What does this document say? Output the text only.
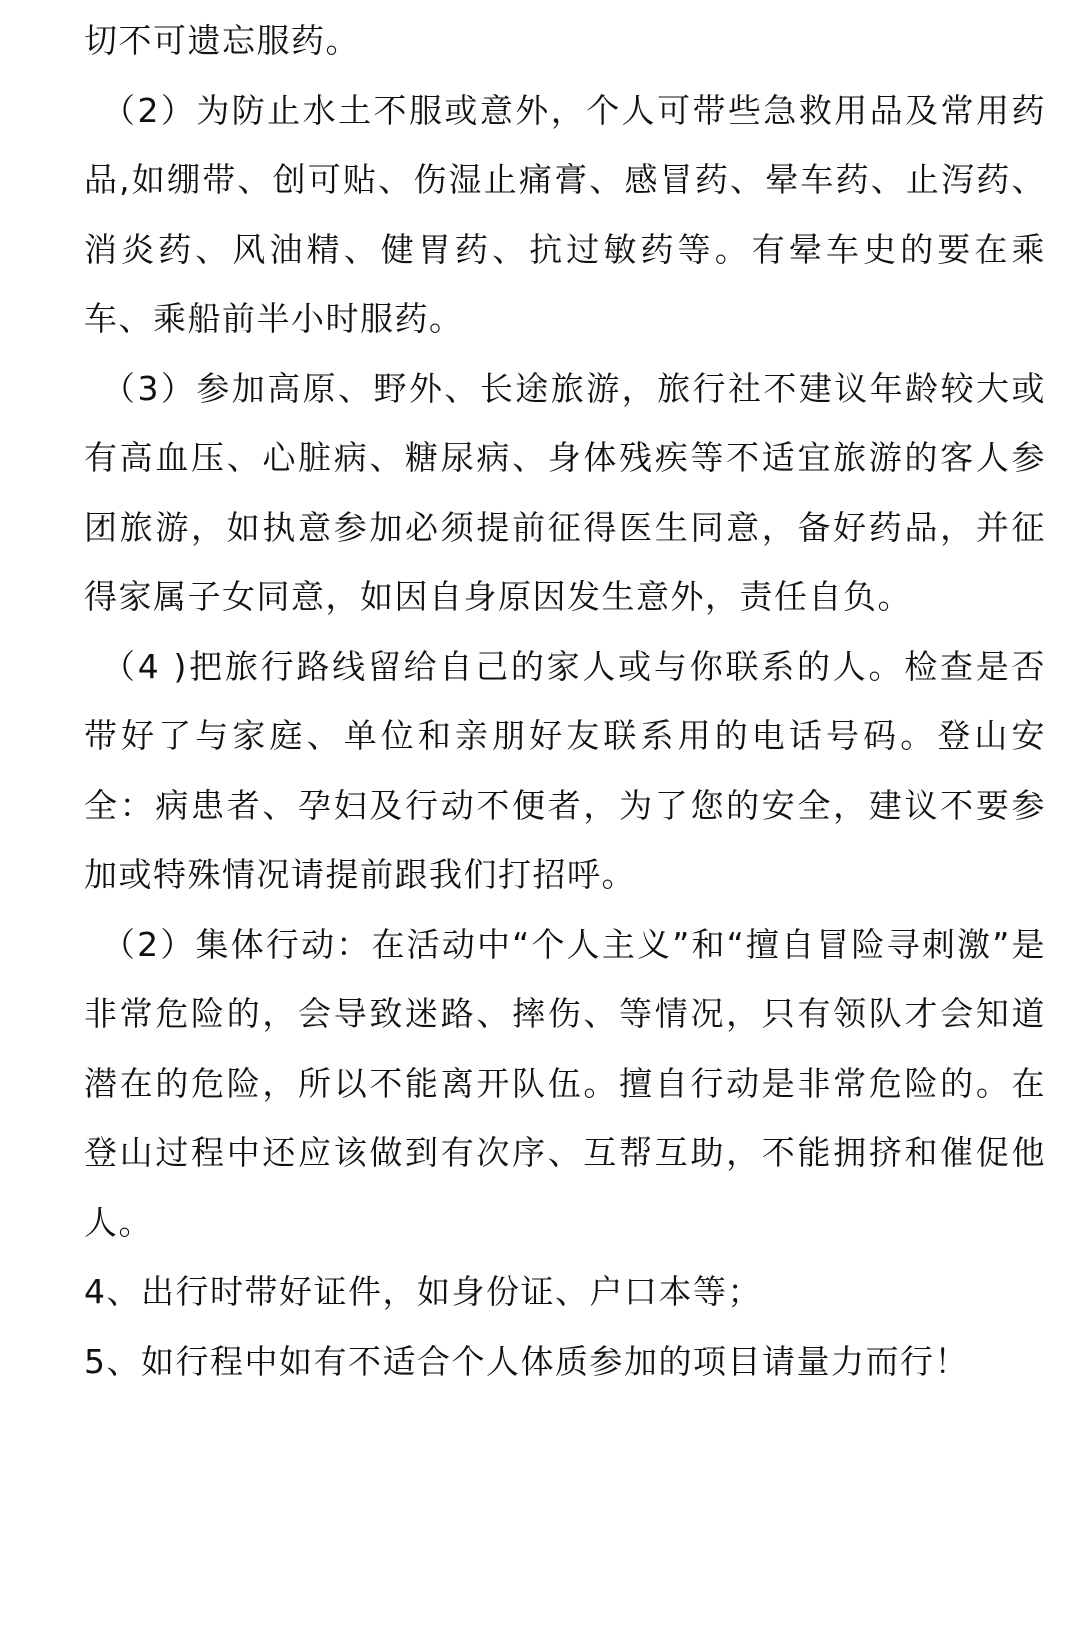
切不可遗忘服药。

（2）为防止水土不服或意外，个人可带些急救用品及常用药品,如绷带、创可贴、伤湿止痛膏、感冒药、晕车药、止泻药、消炎药、风油精、健胃药、抗过敏药等。有晕车史的要在乘车、乘船前半小时服药。

（3）参加高原、野外、长途旅游，旅行社不建议年龄较大或有高血压、心脏病、糖尿病、身体残疾等不适宜旅游的客人参团旅游，如执意参加必须提前征得医生同意，备好药品，并征得家属子女同意，如因自身原因发生意外，责任自负。

（4 )把旅行路线留给自己的家人或与你联系的人。检查是否带好了与家庭、单位和亲朋好友联系用的电话号码。登山安全：病患者、孕妇及行动不便者，为了您的安全，建议不要参加或特殊情况请提前跟我们打招呼。

（2）集体行动：在活动中“个人主义”和“擅自冒险寻刺激”是非常危险的，会导致迷路、摔伤、等情况，只有领队才会知道潜在的危险，所以不能离开队伍。擅自行动是非常危险的。在登山过程中还应该做到有次序、互帮互助，不能拥挤和催促他人。

4、出行时带好证件，如身份证、户口本等；

5、如行程中如有不适合个人体质参加的项目请量力而行！
